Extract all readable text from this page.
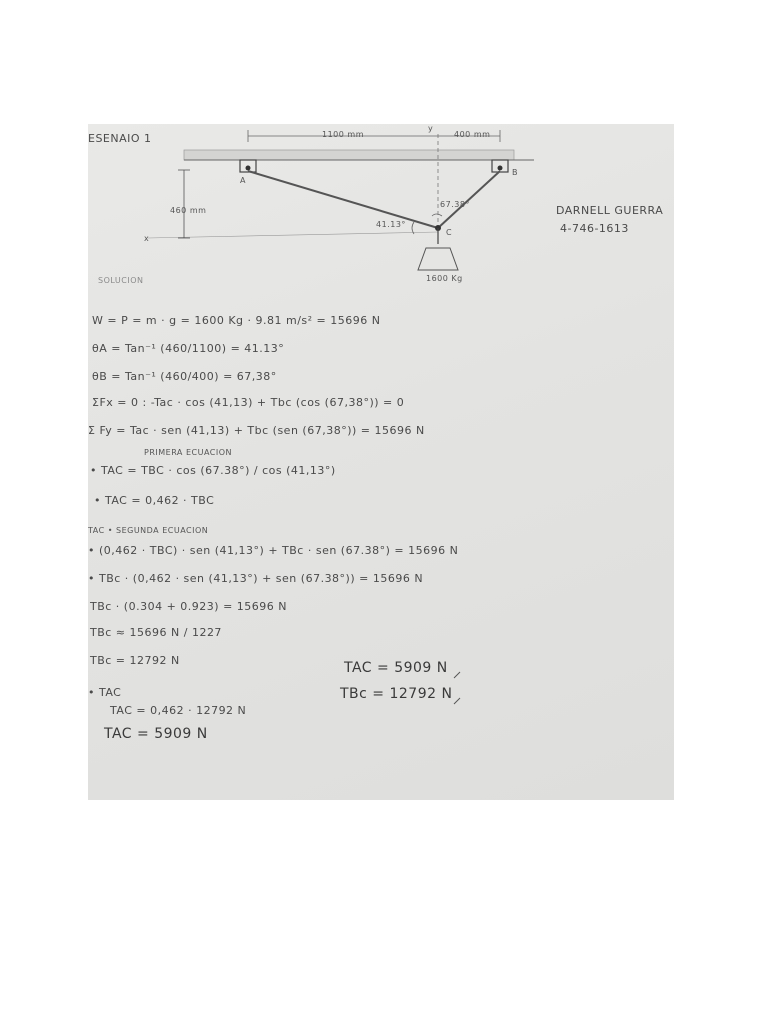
ESENAIO 1
DARNELL GUERRA
4-746-1613
1100 mm	400 mm
y
460 mm
x
A
B
C
41.13°
67.38°
1600 Kg
SOLUCION
W = P = m · g = 1600 Kg · 9.81 m/s² = 15696 N
θA = Tan⁻¹ (460/1100) = 41.13°
θB = Tan⁻¹ (460/400) = 67,38°
ΣFx = 0 : -Tac · cos (41,13) + Tbc (cos (67,38°)) = 0
Σ Fy = Tac · sen (41,13) + Tbc (sen (67,38°)) = 15696 N
PRIMERA ECUACION
• TAC = TBC · cos (67.38°) / cos (41,13°)
• TAC = 0,462 · TBC
TAC • SEGUNDA ECUACION
• (0,462 · TBC) · sen (41,13°) + TBc · sen (67.38°) = 15696 N
• TBc · (0,462 · sen (41,13°) + sen (67.38°)) = 15696 N
TBc · (0.304 + 0.923) = 15696 N
TBc ≈ 15696 N / 1227
TBc = 12792 N
• TAC
TAC = 0,462 · 12792 N
TAC = 5909 N
TAC = 5909 N
TBc = 12792 N
